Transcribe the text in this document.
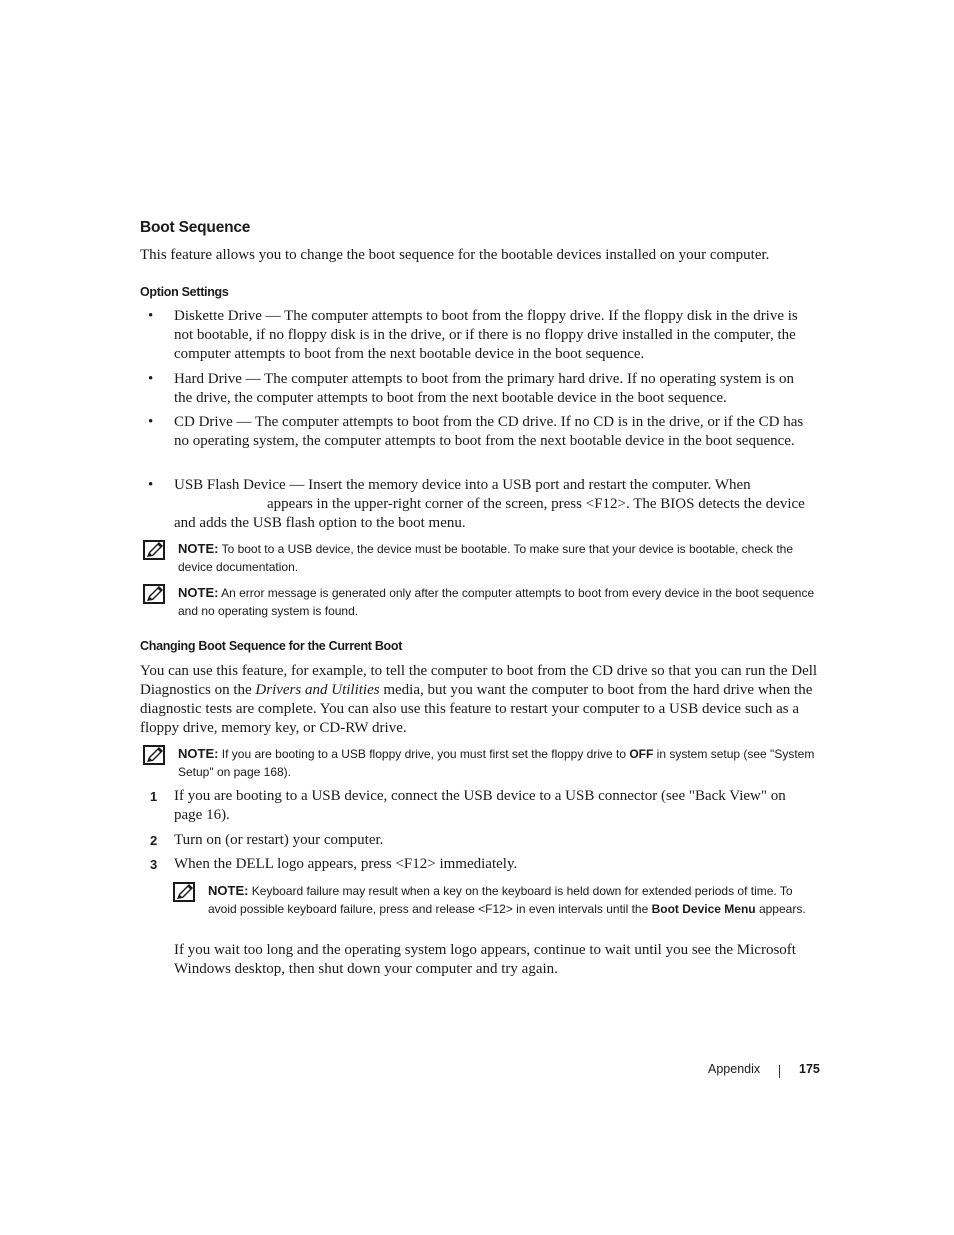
Boot Sequence
This feature allows you to change the boot sequence for the bootable devices installed on your computer.
Option Settings
• Diskette Drive — The computer attempts to boot from the floppy drive. If the floppy disk in the drive is not bootable, if no floppy disk is in the drive, or if there is no floppy drive installed in the computer, the computer attempts to boot from the next bootable device in the boot sequence.
• Hard Drive — The computer attempts to boot from the primary hard drive. If no operating system is on the drive, the computer attempts to boot from the next bootable device in the boot sequence.
• CD Drive — The computer attempts to boot from the CD drive. If no CD is in the drive, or if the CD has no operating system, the computer attempts to boot from the next bootable device in the boot sequence.
• USB Flash Device — Insert the memory device into a USB port and restart the computer. When
appears in the upper-right corner of the screen, press <F12>. The BIOS detects the device and adds the USB flash option to the boot menu.
NOTE: To boot to a USB device, the device must be bootable. To make sure that your device is bootable, check the device documentation.
NOTE: An error message is generated only after the computer attempts to boot from every device in the boot sequence and no operating system is found.
Changing Boot Sequence for the Current Boot
You can use this feature, for example, to tell the computer to boot from the CD drive so that you can run the Dell Diagnostics on the Drivers and Utilities media, but you want the computer to boot from the hard drive when the diagnostic tests are complete. You can also use this feature to restart your computer to a USB device such as a floppy drive, memory key, or CD-RW drive.
NOTE: If you are booting to a USB floppy drive, you must first set the floppy drive to OFF in system setup (see "System Setup" on page 168).
1 If you are booting to a USB device, connect the USB device to a USB connector (see "Back View" on page 16).
2 Turn on (or restart) your computer.
3 When the DELL logo appears, press <F12> immediately.
NOTE: Keyboard failure may result when a key on the keyboard is held down for extended periods of time. To avoid possible keyboard failure, press and release <F12> in even intervals until the Boot Device Menu appears.
If you wait too long and the operating system logo appears, continue to wait until you see the Microsoft Windows desktop, then shut down your computer and try again.
Appendix	175
